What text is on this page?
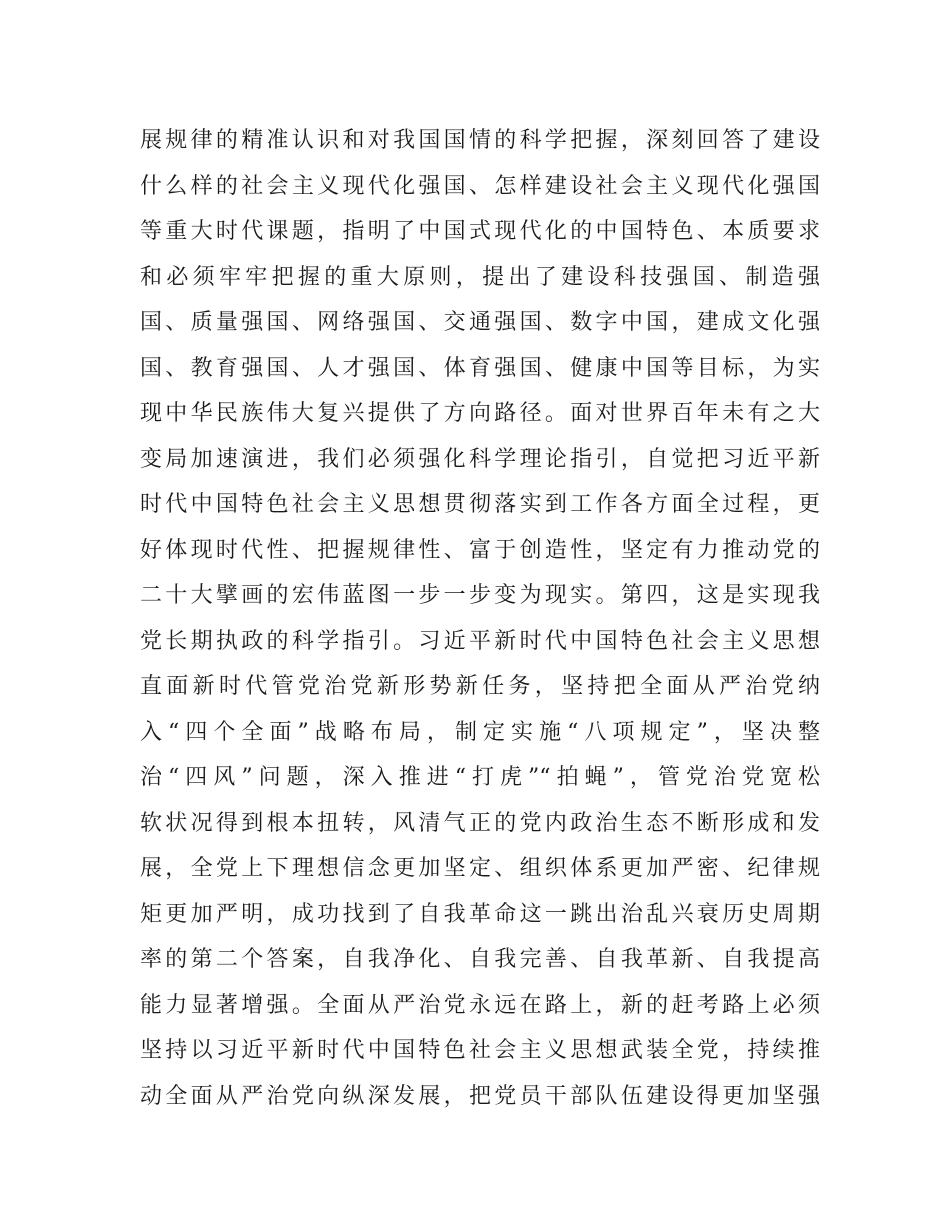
展规律的精准认识和对我国国情的科学把握，深刻回答了建设
什么样的社会主义现代化强国、怎样建设社会主义现代化强国
等重大时代课题，指明了中国式现代化的中国特色、本质要求
和必须牢牢把握的重大原则，提出了建设科技强国、制造强
国、质量强国、网络强国、交通强国、数字中国，建成文化强
国、教育强国、人才强国、体育强国、健康中国等目标，为实
现中华民族伟大复兴提供了方向路径。面对世界百年未有之大
变局加速演进，我们必须强化科学理论指引，自觉把习近平新
时代中国特色社会主义思想贯彻落实到工作各方面全过程，更
好体现时代性、把握规律性、富于创造性，坚定有力推动党的
二十大擘画的宏伟蓝图一步一步变为现实。第四，这是实现我
党长期执政的科学指引。习近平新时代中国特色社会主义思想
直面新时代管党治党新形势新任务，坚持把全面从严治党纳
入“四个全面”战略布局，制定实施“八项规定”，坚决整
治“四风”问题，深入推进“打虎”“拍蝇”，管党治党宽松
软状况得到根本扭转，风清气正的党内政治生态不断形成和发
展，全党上下理想信念更加坚定、组织体系更加严密、纪律规
矩更加严明，成功找到了自我革命这一跳出治乱兴衰历史周期
率的第二个答案，自我净化、自我完善、自我革新、自我提高
能力显著增强。全面从严治党永远在路上，新的赶考路上必须
坚持以习近平新时代中国特色社会主义思想武装全党，持续推
动全面从严治党向纵深发展，把党员干部队伍建设得更加坚强
